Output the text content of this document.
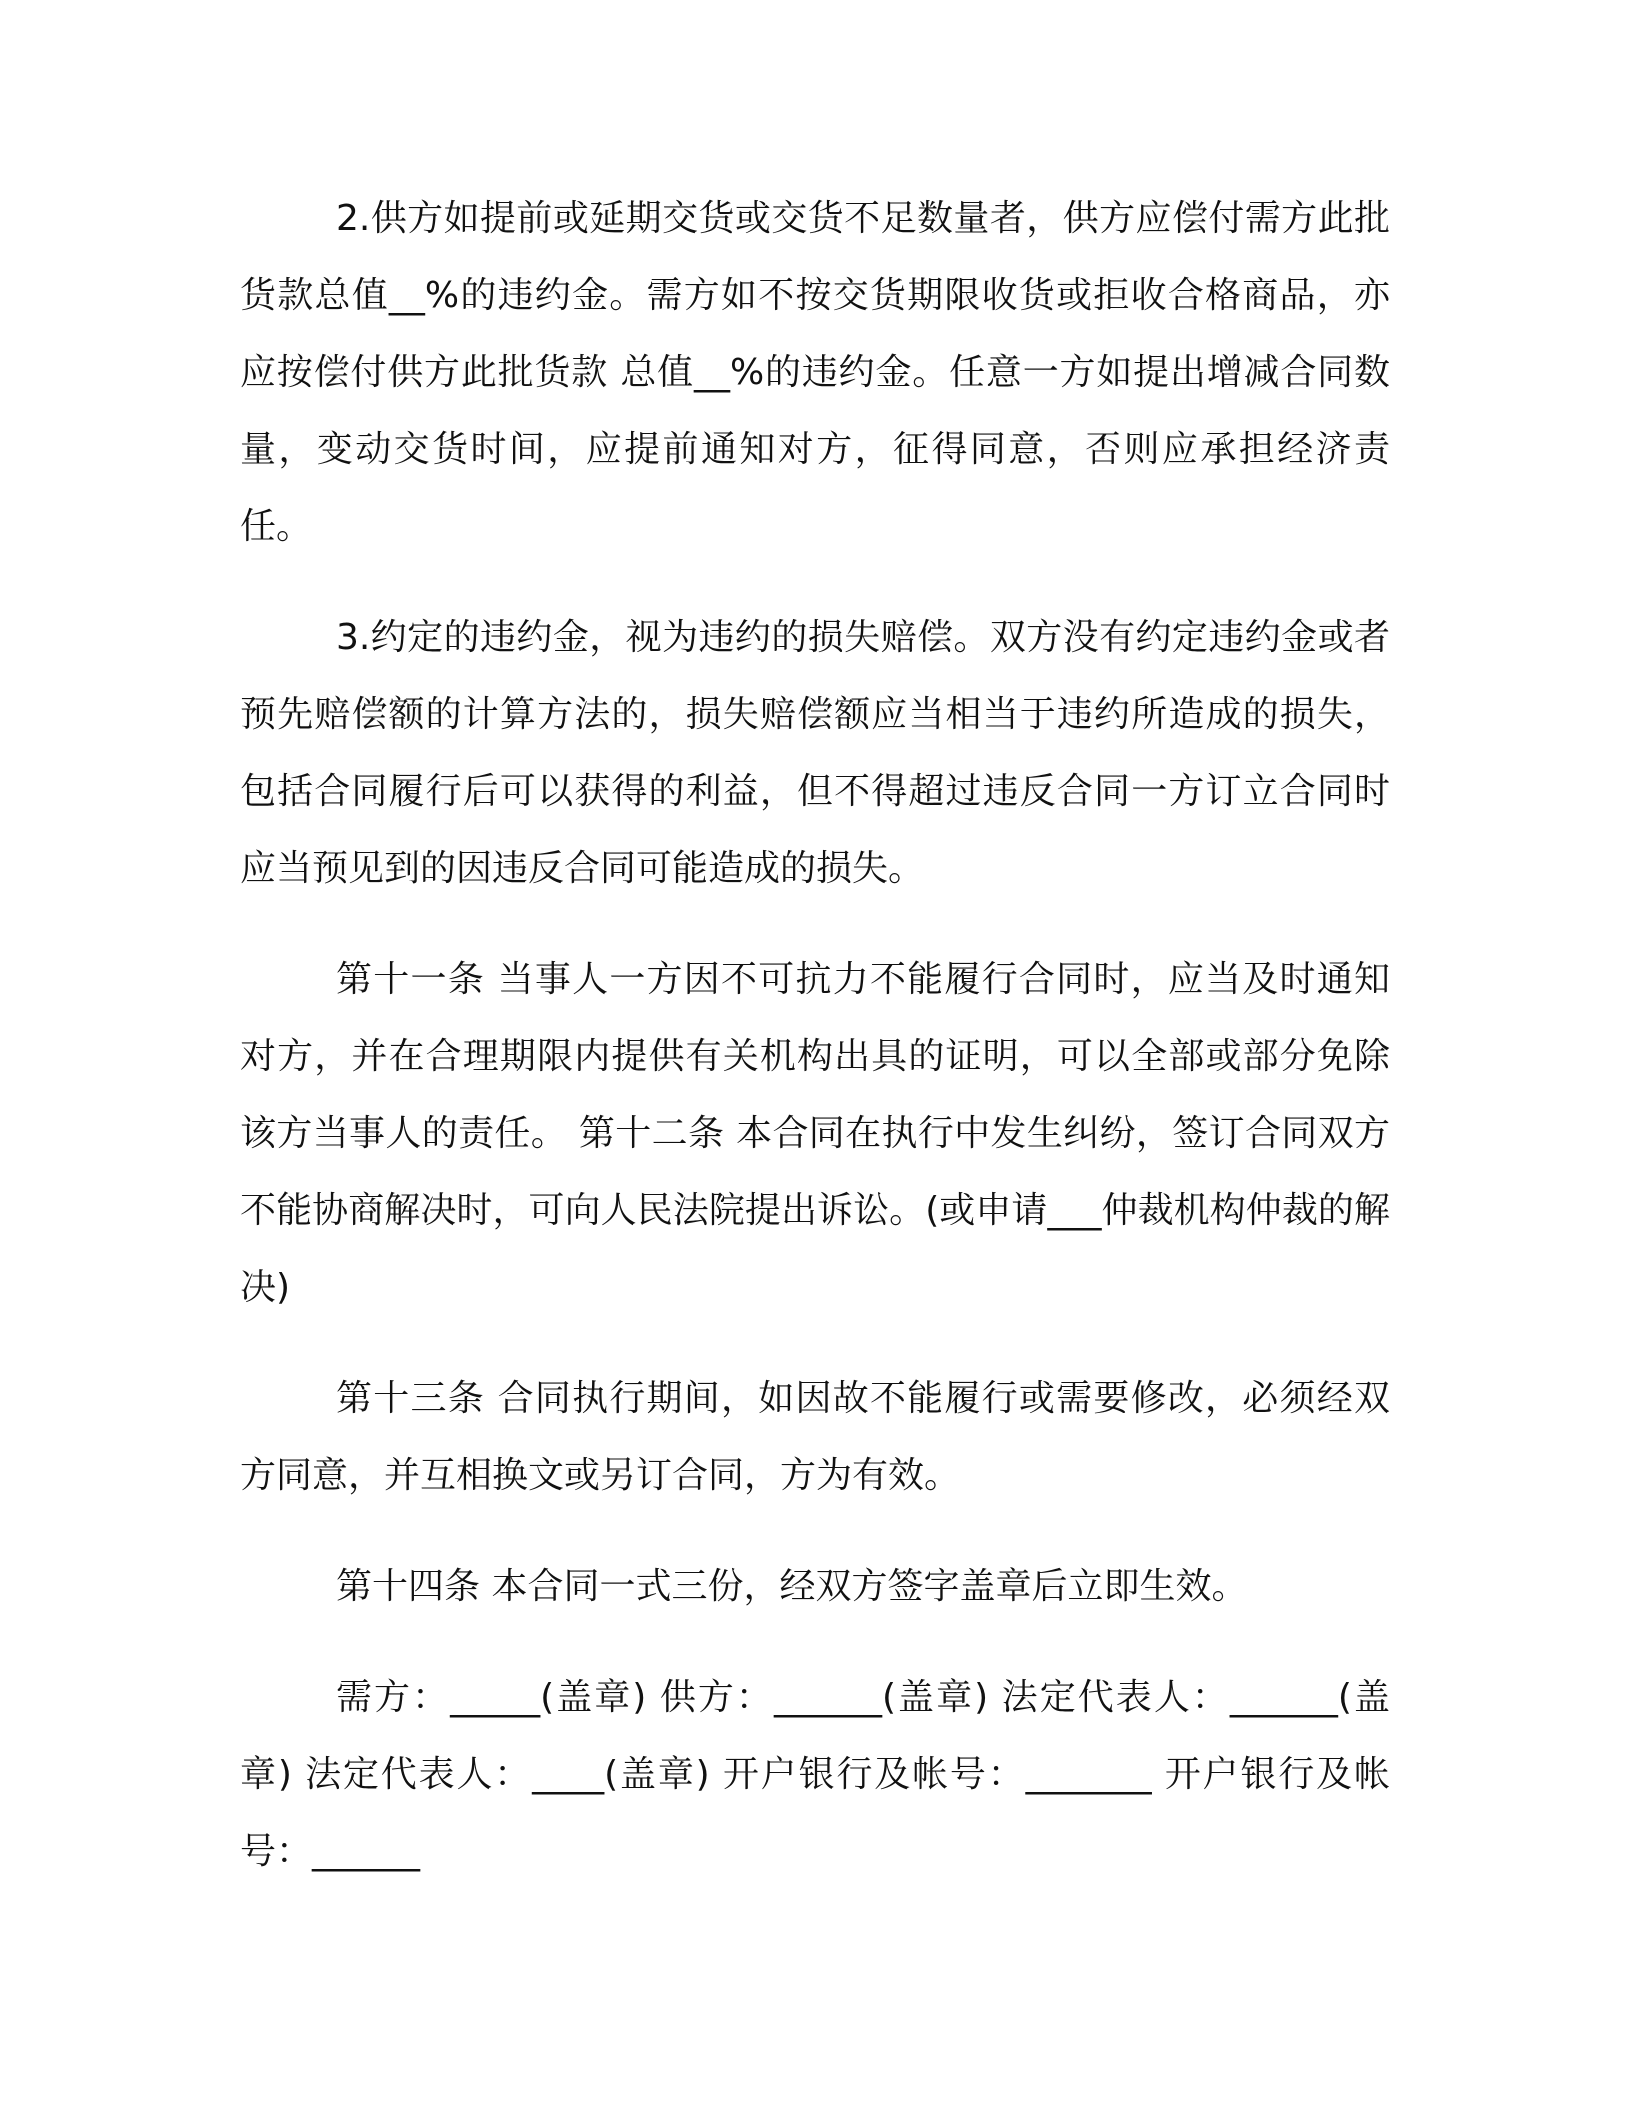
2.供方如提前或延期交货或交货不足数量者，供方应偿付需方此批货款总值__%的违约金。需方如不按交货期限收货或拒收合格商品，亦应按偿付供方此批货款 总值__%的违约金。任意一方如提出增减合同数量，变动交货时间，应提前通知对方，征得同意，否则应承担经济责任。

3.约定的违约金，视为违约的损失赔偿。双方没有约定违约金或者预先赔偿额的计算方法的，损失赔偿额应当相当于违约所造成的损失，包括合同履行后可以获得的利益，但不得超过违反合同一方订立合同时应当预见到的因违反合同可能造成的损失。

第十一条 当事人一方因不可抗力不能履行合同时，应当及时通知对方，并在合理期限内提供有关机构出具的证明，可以全部或部分免除该方当事人的责任。 第十二条 本合同在执行中发生纠纷，签订合同双方不能协商解决时，可向人民法院提出诉讼。(或申请___仲裁机构仲裁的解决)

第十三条 合同执行期间，如因故不能履行或需要修改，必须经双方同意，并互相换文或另订合同，方为有效。

第十四条 本合同一式三份，经双方签字盖章后立即生效。

需方：_____(盖章) 供方：______(盖章) 法定代表人：______(盖章) 法定代表人：____(盖章) 开户银行及帐号：_______ 开户银行及帐号：______
